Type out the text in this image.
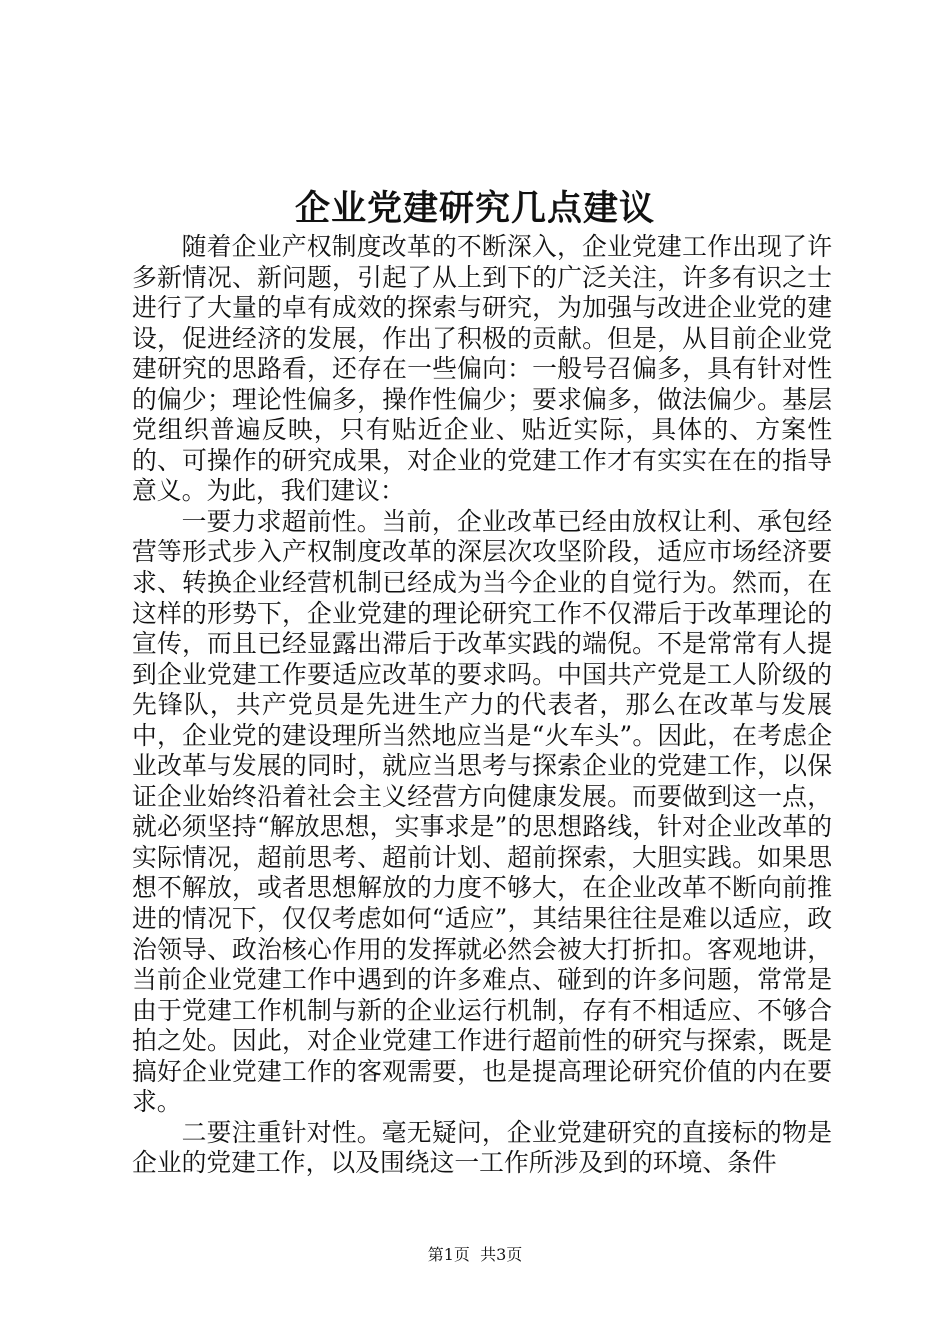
企业党建研究几点建议

随着企业产权制度改革的不断深入，企业党建工作出现了许多新情况、新问题，引起了从上到下的广泛关注，许多有识之士进行了大量的卓有成效的探索与研究，为加强与改进企业党的建设，促进经济的发展，作出了积极的贡献。但是，从目前企业党建研究的思路看，还存在一些偏向：一般号召偏多，具有针对性的偏少；理论性偏多，操作性偏少；要求偏多，做法偏少。基层党组织普遍反映，只有贴近企业、贴近实际，具体的、方案性的、可操作的研究成果，对企业的党建工作才有实实在在的指导意义。为此，我们建议：

一要力求超前性。当前，企业改革已经由放权让利、承包经营等形式步入产权制度改革的深层次攻坚阶段，适应市场经济要求、转换企业经营机制已经成为当今企业的自觉行为。然而，在这样的形势下，企业党建的理论研究工作不仅滞后于改革理论的宣传，而且已经显露出滞后于改革实践的端倪。不是常常有人提到企业党建工作要适应改革的要求吗。中国共产党是工人阶级的先锋队，共产党员是先进生产力的代表者，那么在改革与发展中，企业党的建设理所当然地应当是“火车头”。因此，在考虑企业改革与发展的同时，就应当思考与探索企业的党建工作，以保证企业始终沿着社会主义经营方向健康发展。而要做到这一点，就必须坚持“解放思想，实事求是”的思想路线，针对企业改革的实际情况，超前思考、超前计划、超前探索，大胆实践。如果思想不解放，或者思想解放的力度不够大，在企业改革不断向前推进的情况下，仅仅考虑如何“适应”，其结果往往是难以适应，政治领导、政治核心作用的发挥就必然会被大打折扣。客观地讲，当前企业党建工作中遇到的许多难点、碰到的许多问题，常常是由于党建工作机制与新的企业运行机制，存有不相适应、不够合拍之处。因此，对企业党建工作进行超前性的研究与探索，既是搞好企业党建工作的客观需要，也是提高理论研究价值的内在要求。

二要注重针对性。毫无疑问，企业党建研究的直接标的物是企业的党建工作，以及围绕这一工作所涉及到的环境、条件

第1页 共3页
